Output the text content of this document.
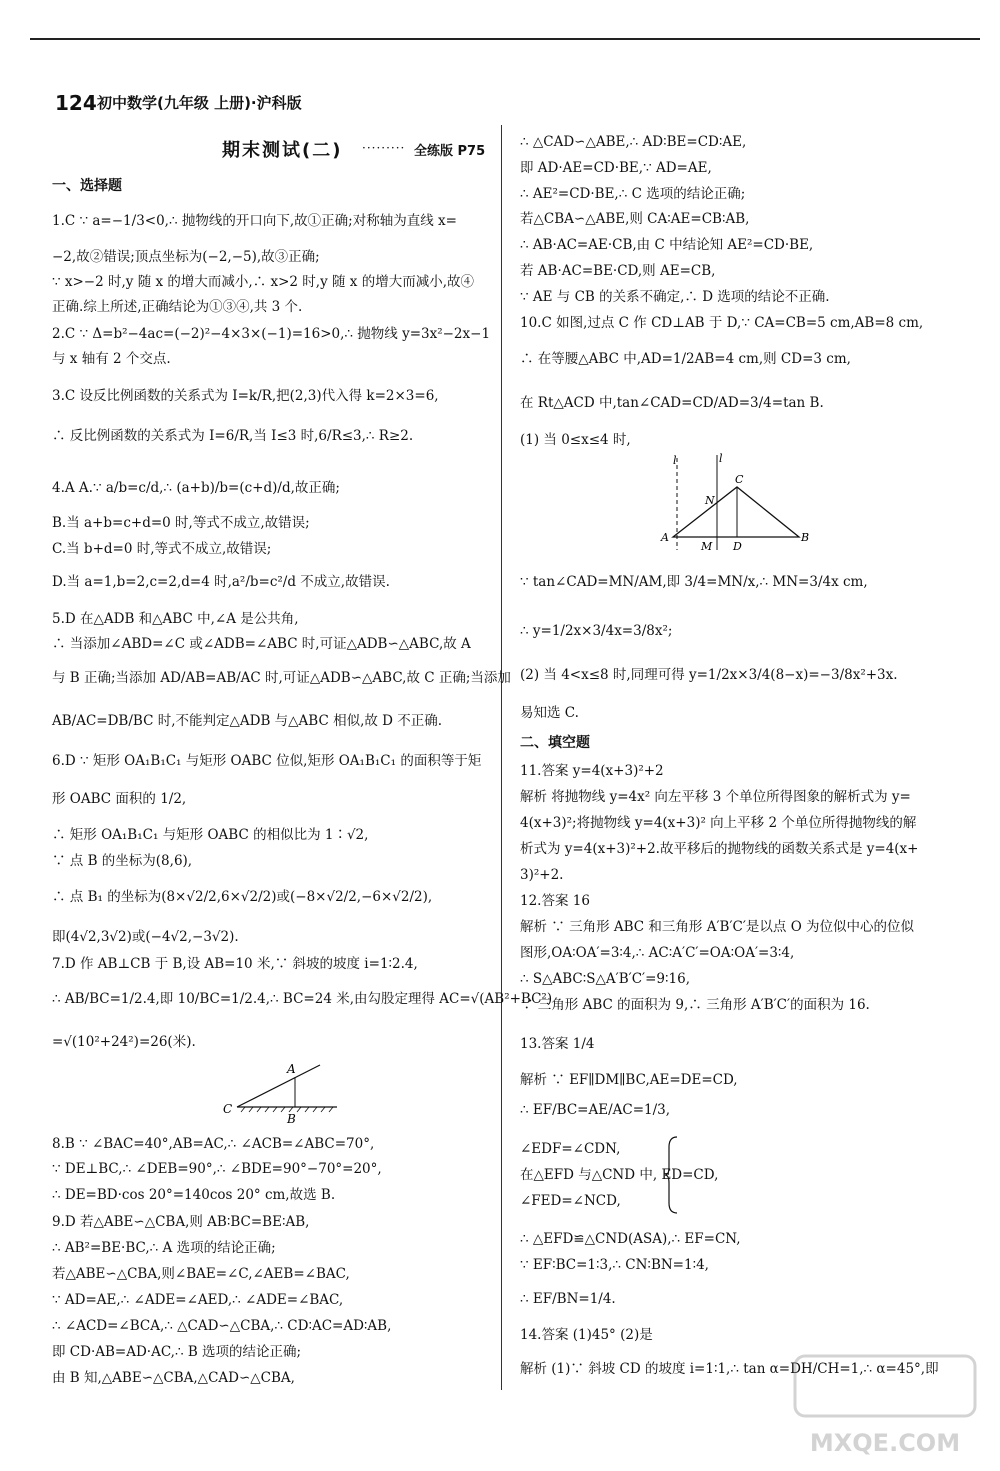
124 初中数学(九年级 上册)·沪科版
期末测试(二) ········· 全练版 P75
一、选择题
1.C ∵ a=−1/3<0,∴ 抛物线的开口向下,故①正确;对称轴为直线 x=
−2,故②错误;顶点坐标为(−2,−5),故③正确;
∵ x>−2 时,y 随 x 的增大而减小,∴ x>2 时,y 随 x 的增大而减小,故④
正确.综上所述,正确结论为①③④,共 3 个.
2.C ∵ Δ=b²−4ac=(−2)²−4×3×(−1)=16>0,∴ 抛物线 y=3x²−2x−1
与 x 轴有 2 个交点.
3.C 设反比例函数的关系式为 I=k/R,把(2,3)代入得 k=2×3=6,
∴ 反比例函数的关系式为 I=6/R,当 I≤3 时,6/R≤3,∴ R≥2.
4.A A.∵ a/b=c/d,∴ (a+b)/b=(c+d)/d,故正确;
B.当 a+b=c+d=0 时,等式不成立,故错误;
C.当 b+d=0 时,等式不成立,故错误;
D.当 a=1,b=2,c=2,d=4 时,a²/b=c²/d 不成立,故错误.
5.D 在△ADB 和△ABC 中,∠A 是公共角,
∴ 当添加∠ABD=∠C 或∠ADB=∠ABC 时,可证△ADB∽△ABC,故 A
与 B 正确;当添加 AD/AB=AB/AC 时,可证△ADB∽△ABC,故 C 正确;当添加
AB/AC=DB/BC 时,不能判定△ADB 与△ABC 相似,故 D 不正确.
6.D ∵ 矩形 OA₁B₁C₁ 与矩形 OABC 位似,矩形 OA₁B₁C₁ 的面积等于矩
形 OABC 面积的 1/2,
∴ 矩形 OA₁B₁C₁ 与矩形 OABC 的相似比为 1∶√2,
∵ 点 B 的坐标为(8,6),
∴ 点 B₁ 的坐标为(8×√2/2,6×√2/2)或(−8×√2/2,−6×√2/2),
即(4√2,3√2)或(−4√2,−3√2).
7.D 作 AB⊥CB 于 B,设 AB=10 米,∵ 斜坡的坡度 i=1∶2.4,
∴ AB/BC=1/2.4,即 10/BC=1/2.4,∴ BC=24 米,由勾股定理得 AC=√(AB²+BC²)
=√(10²+24²)=26(米).
8.B ∵ ∠BAC=40°,AB=AC,∴ ∠ACB=∠ABC=70°,
∵ DE⊥BC,∴ ∠DEB=90°,∴ ∠BDE=90°−70°=20°,
∴ DE=BD·cos 20°=140cos 20° cm,故选 B.
9.D 若△ABE∽△CBA,则 AB∶BC=BE∶AB,
∴ AB²=BE·BC,∴ A 选项的结论正确;
若△ABE∽△CBA,则∠BAE=∠C,∠AEB=∠BAC,
∵ AD=AE,∴ ∠ADE=∠AED,∴ ∠ADE=∠BAC,
∴ ∠ACD=∠BCA,∴ △CAD∽△CBA,∴ CD∶AC=AD∶AB,
即 CD·AB=AD·AC,∴ B 选项的结论正确;
由 B 知,△ABE∽△CBA,△CAD∽△CBA,
∴ △CAD∽△ABE,∴ AD∶BE=CD∶AE,
即 AD·AE=CD·BE,∵ AD=AE,
∴ AE²=CD·BE,∴ C 选项的结论正确;
若△CBA∽△ABE,则 CA∶AE=CB∶AB,
∴ AB·AC=AE·CB,由 C 中结论知 AE²=CD·BE,
若 AB·AC=BE·CD,则 AE=CB,
∵ AE 与 CB 的关系不确定,∴ D 选项的结论不正确.
10.C 如图,过点 C 作 CD⊥AB 于 D,∵ CA=CB=5 cm,AB=8 cm,
∴ 在等腰△ABC 中,AD=1/2AB=4 cm,则 CD=3 cm,
在 Rt△ACD 中,tan∠CAD=CD/AD=3/4=tan B.
(1) 当 0≤x≤4 时,
∵ tan∠CAD=MN/AM,即 3/4=MN/x,∴ MN=3/4x cm,
∴ y=1/2x×3/4x=3/8x²;
(2) 当 4<x≤8 时,同理可得 y=1/2x×3/4(8−x)=−3/8x²+3x.
易知选 C.
二、填空题
11.答案 y=4(x+3)²+2
解析 将抛物线 y=4x² 向左平移 3 个单位所得图象的解析式为 y=
4(x+3)²;将抛物线 y=4(x+3)² 向上平移 2 个单位所得抛物线的解
析式为 y=4(x+3)²+2.故平移后的抛物线的函数关系式是 y=4(x+
3)²+2.
12.答案 16
解析 ∵ 三角形 ABC 和三角形 A′B′C′是以点 O 为位似中心的位似
图形,OA∶OA′=3∶4,∴ AC∶A′C′=OA∶OA′=3∶4,
∴ S△ABC∶S△A′B′C′=9∶16,
∵ 三角形 ABC 的面积为 9,∴ 三角形 A′B′C′的面积为 16.
13.答案 1/4
解析 ∵ EF∥DM∥BC,AE=DE=CD,
∴ EF/BC=AE/AC=1/3,
∠EDF=∠CDN,
在△EFD 与△CND 中, ED=CD,
∠FED=∠NCD,
∴ △EFD≌△CND(ASA),∴ EF=CN,
∵ EF∶BC=1∶3,∴ CN∶BN=1∶4,
∴ EF/BN=1/4.
14.答案 (1)45° (2)是
解析 (1)∵ 斜坡 CD 的坡度 i=1∶1,∴ tan α=DH/CH=1,∴ α=45°,即
A
C
B
l	l
C
N
A	B
M D
MXQE.COM
